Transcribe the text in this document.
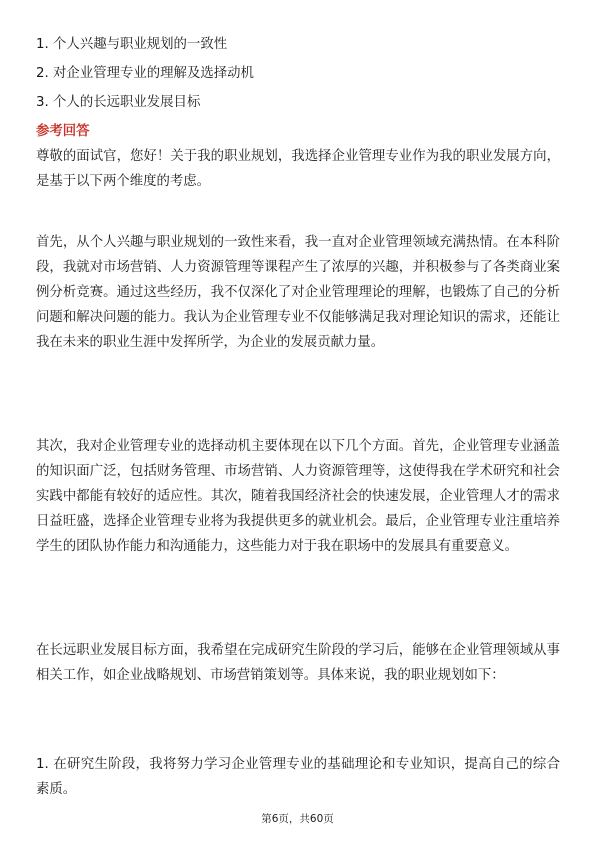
1. 个人兴趣与职业规划的一致性
2. 对企业管理专业的理解及选择动机
3. 个人的长远职业发展目标
参考回答
尊敬的面试官，您好！关于我的职业规划，我选择企业管理专业作为我的职业发展方向，是基于以下两个维度的考虑。
首先，从个人兴趣与职业规划的一致性来看，我一直对企业管理领域充满热情。在本科阶段，我就对市场营销、人力资源管理等课程产生了浓厚的兴趣，并积极参与了各类商业案例分析竞赛。通过这些经历，我不仅深化了对企业管理理论的理解，也锻炼了自己的分析问题和解决问题的能力。我认为企业管理专业不仅能够满足我对理论知识的需求，还能让我在未来的职业生涯中发挥所学，为企业的发展贡献力量。
其次，我对企业管理专业的选择动机主要体现在以下几个方面。首先，企业管理专业涵盖的知识面广泛，包括财务管理、市场营销、人力资源管理等，这使得我在学术研究和社会实践中都能有较好的适应性。其次，随着我国经济社会的快速发展，企业管理人才的需求日益旺盛，选择企业管理专业将为我提供更多的就业机会。最后，企业管理专业注重培养学生的团队协作能力和沟通能力，这些能力对于我在职场中的发展具有重要意义。
在长远职业发展目标方面，我希望在完成研究生阶段的学习后，能够在企业管理领域从事相关工作，如企业战略规划、市场营销策划等。具体来说，我的职业规划如下：
1. 在研究生阶段，我将努力学习企业管理专业的基础理论和专业知识，提高自己的综合素质。
第6页，共60页
